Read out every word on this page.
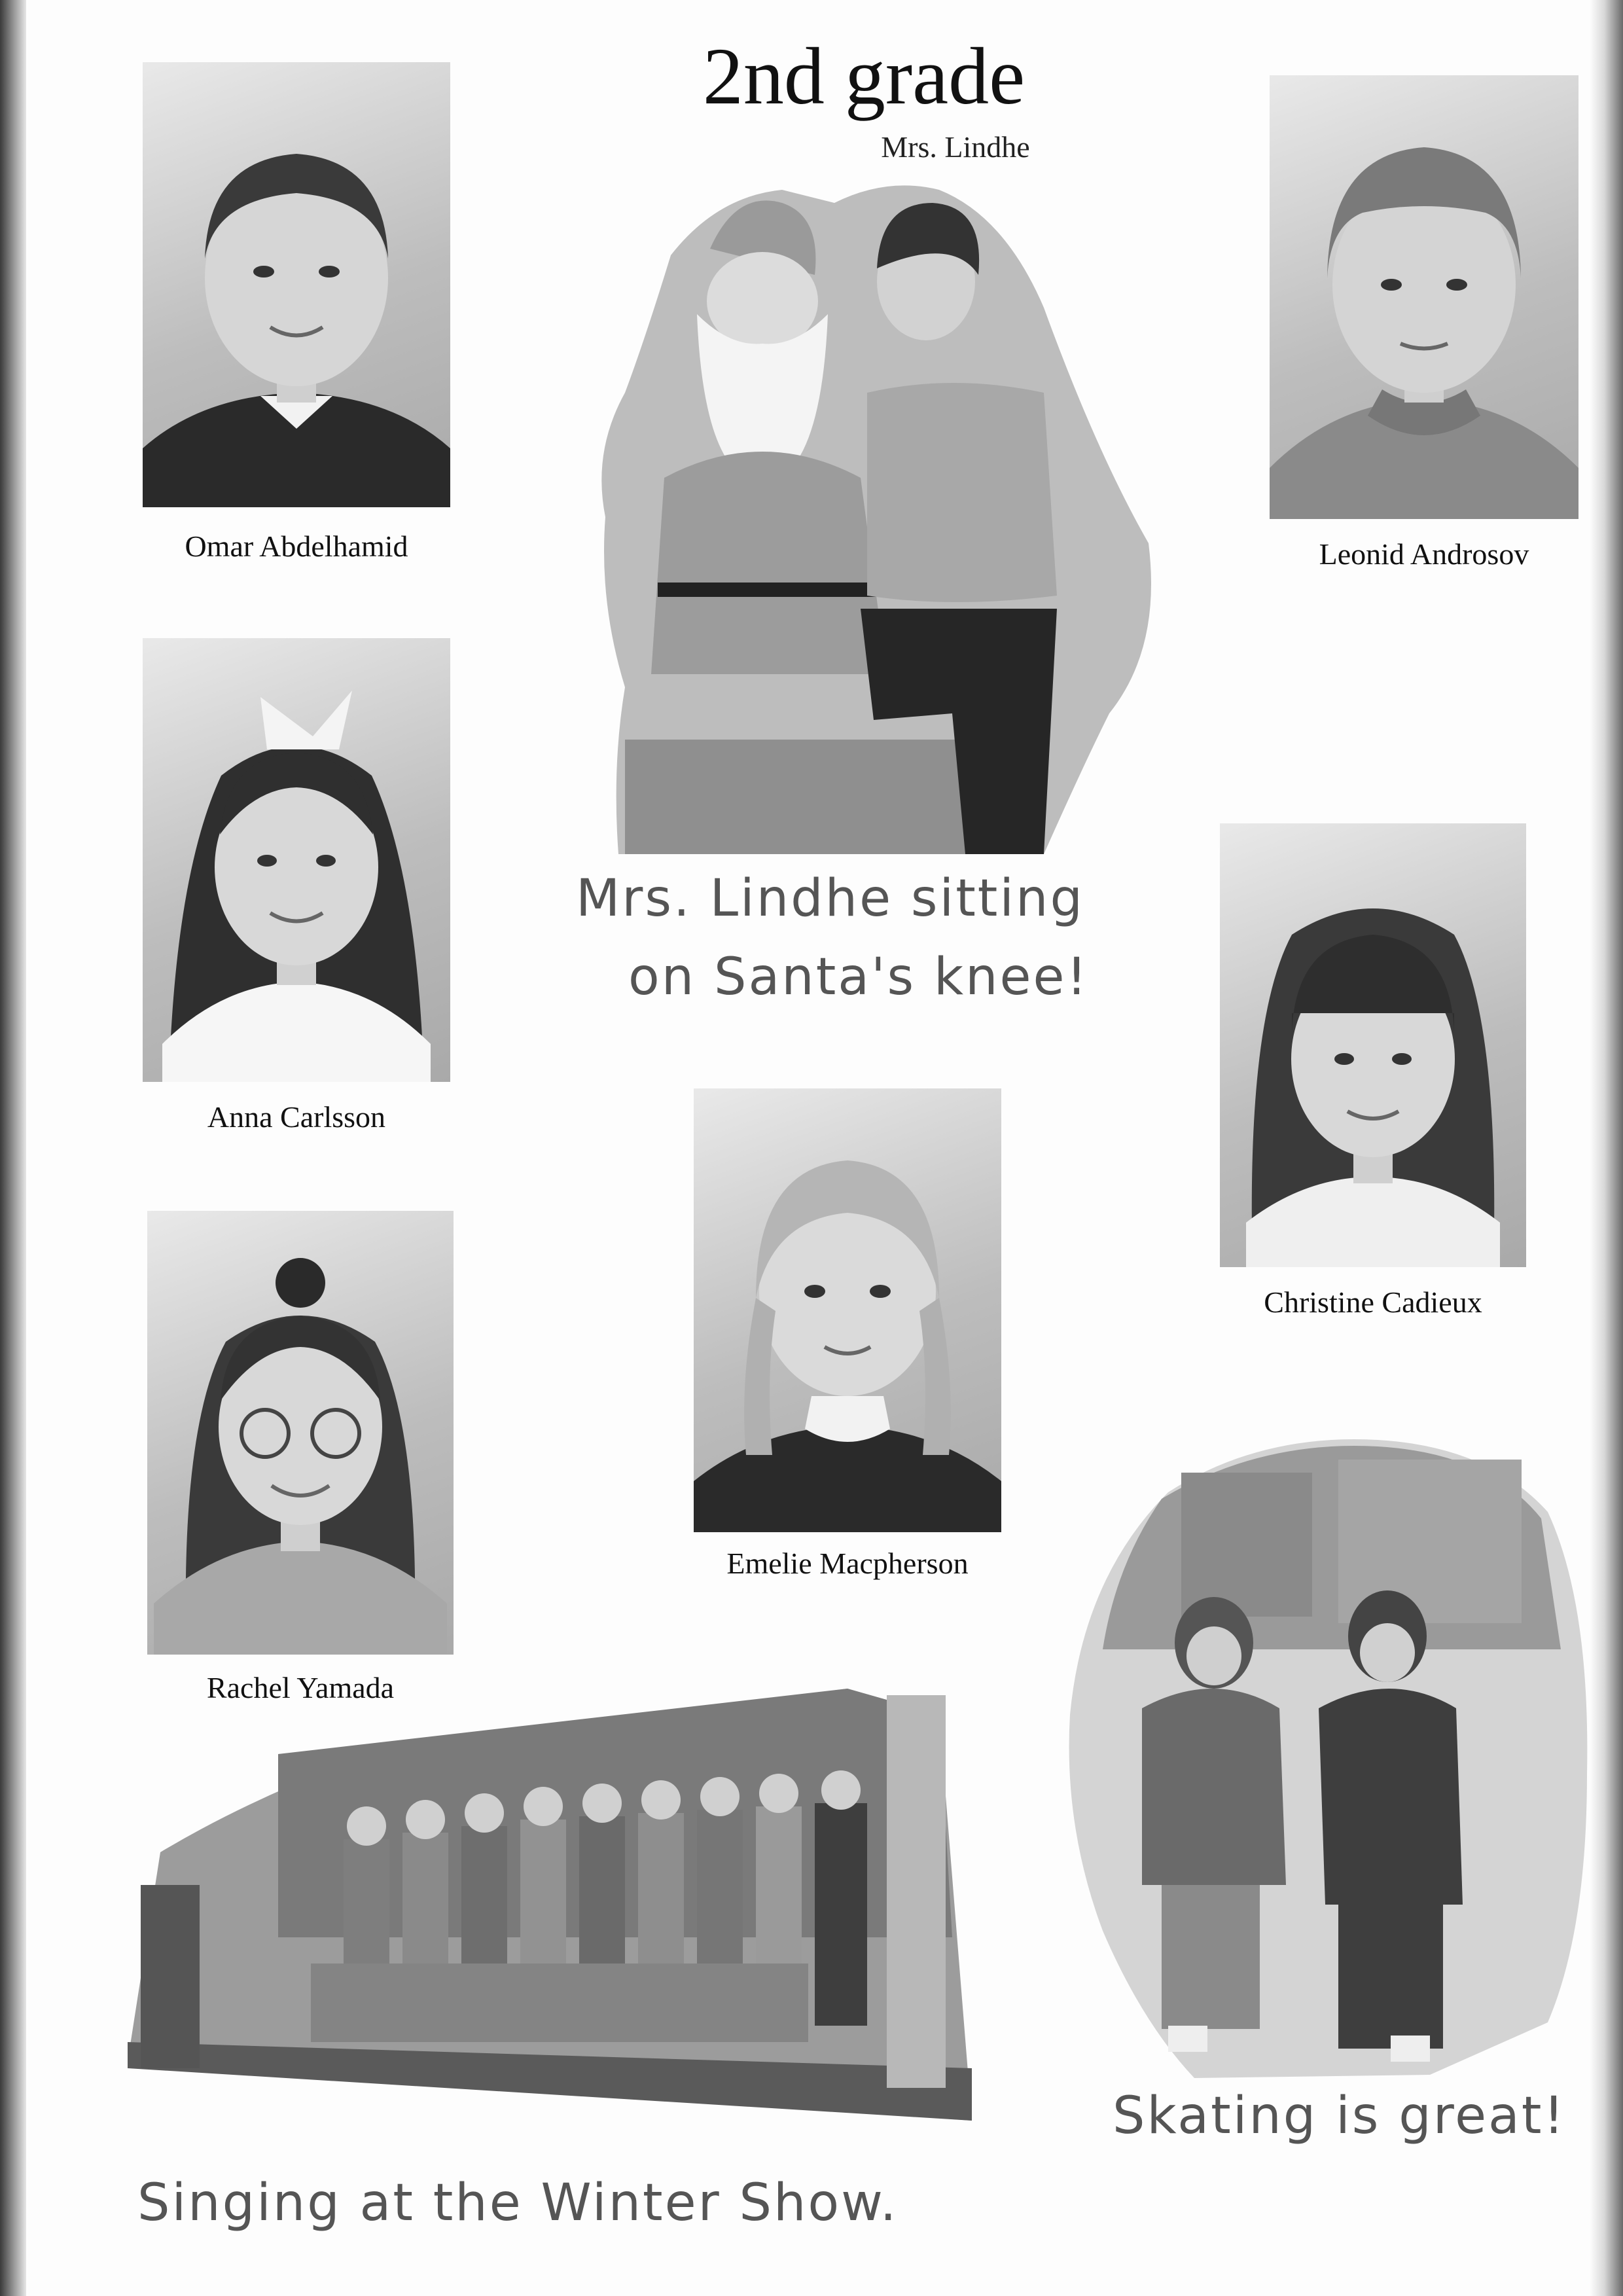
2nd grade
Mrs. Lindhe
Omar Abdelhamid	Leonid Androsov
Mrs. Lindhe sitting
on Santa's knee!
Anna Carlsson
Christine Cadieux
Emelie Macpherson
Rachel Yamada
Skating is great!
Singing at the Winter Show.
